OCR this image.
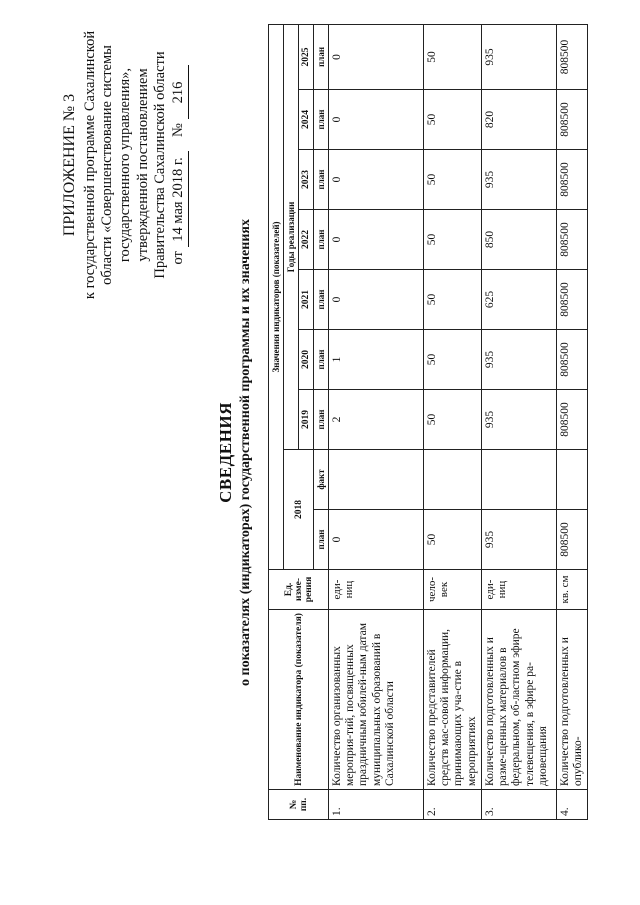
ПРИЛОЖЕНИЕ № 3 к государственной программе Сахалинской области «Совершенствование системы государственного управления», утвержденной постановлением Правительства Сахалинской области от 14 мая 2018 г.    № 216
СВЕДЕНИЯ о показателях (индикаторах) государственной программы и их значениях
№ пп.	Наименование индикатора (показателя)	Ед. изме-рения	Значения индикаторов (показателей)								
			2018		Годы реализации						
					2019	2020	2021	2022	2023	2024	2025
			план	факт	план	план	план	план	план	план	план
1.	Количество организованных мероприя-тий, посвященных праздничным юбилей-ным датам муниципальных образований в Сахалинской области	еди-ниц	0		2	1	0	0	0	0	0
2.	Количество представителей средств мас-совой информации, принимающих уча-стие в мероприятиях	чело-век	50		50	50	50	50	50	50	50
3.	Количество подготовленных и разме-щенных материалов в федеральном, об-ластном эфире телевещения, в эфире ра-диовещания	еди-ниц	935		935	935	625	850	935	820	935
4.	Количество подготовленных и опублико-	кв. см	808500		808500	808500	808500	808500	808500	808500	808500
